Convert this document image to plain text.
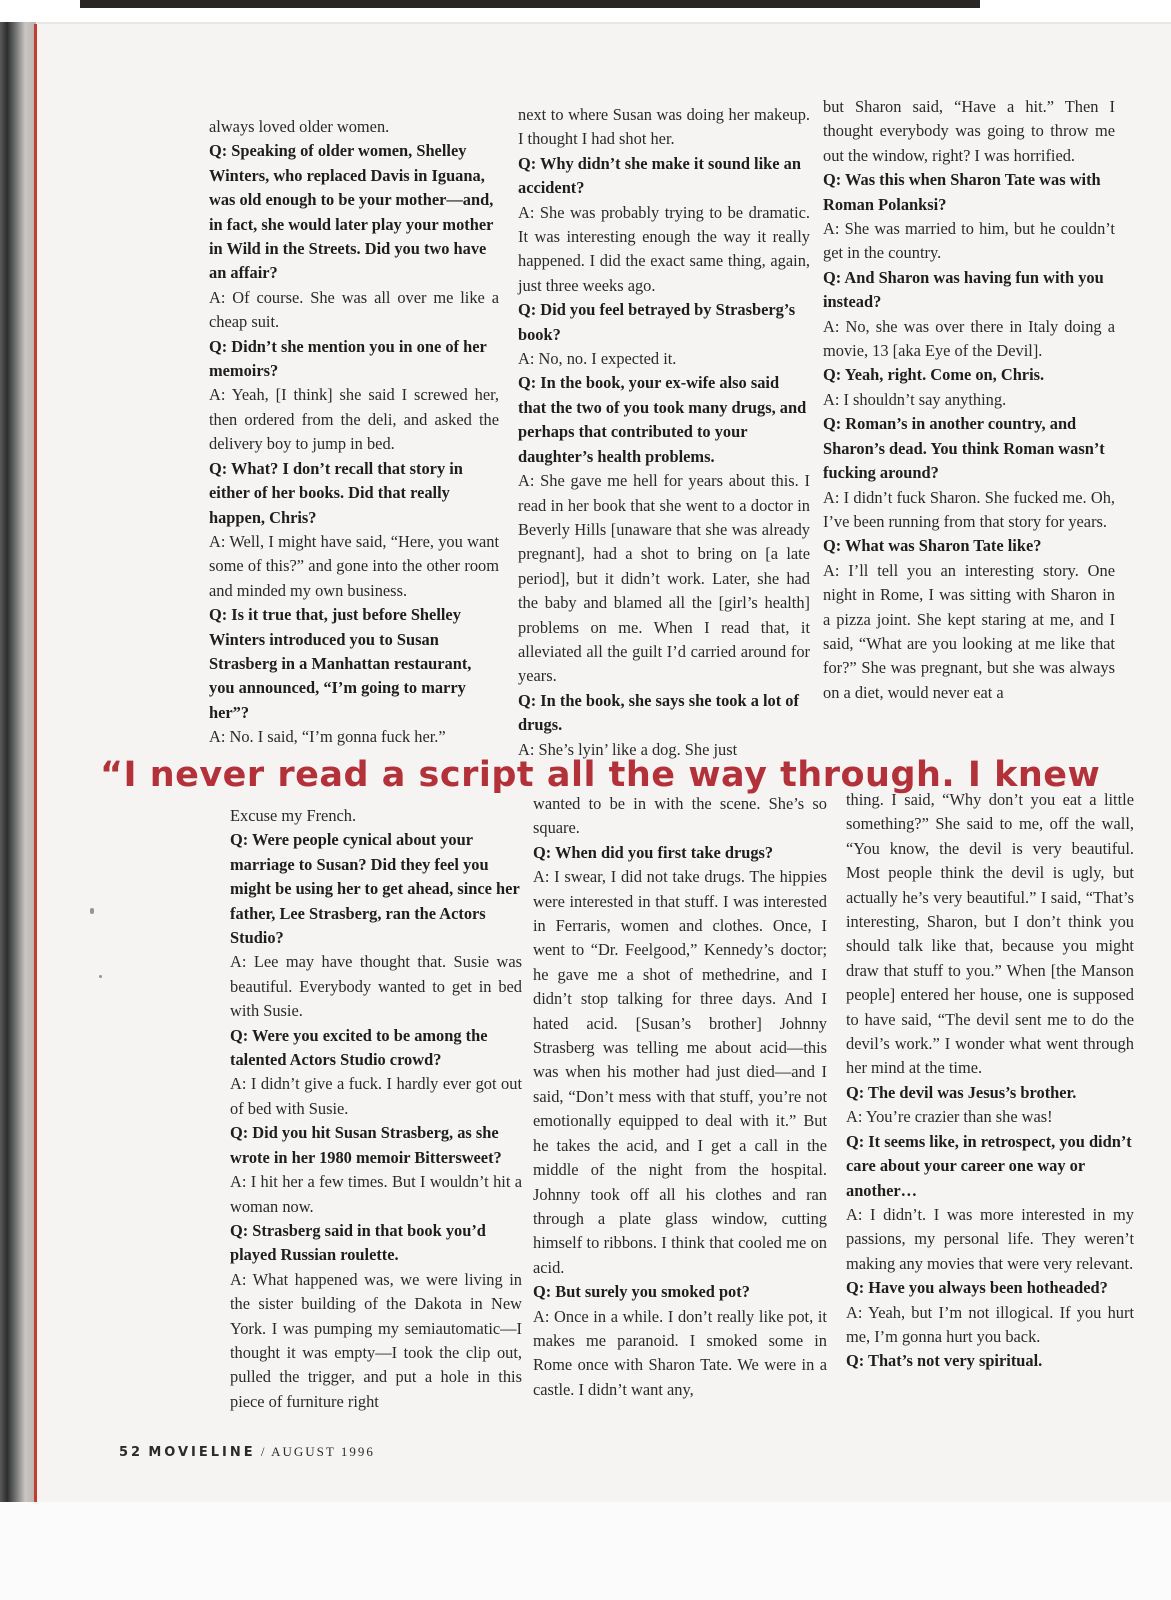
always loved older women.

Q: Speaking of older women, Shelley Winters, who replaced Davis in Iguana, was old enough to be your mother—and, in fact, she would later play your mother in Wild in the Streets. Did you two have an affair?

A: Of course. She was all over me like a cheap suit.

Q: Didn’t she mention you in one of her memoirs?

A: Yeah, [I think] she said I screwed her, then ordered from the deli, and asked the delivery boy to jump in bed.

Q: What? I don’t recall that story in either of her books. Did that really happen, Chris?

A: Well, I might have said, “Here, you want some of this?” and gone into the other room and minded my own business.

Q: Is it true that, just before Shelley Winters introduced you to Susan Strasberg in a Manhattan restaurant, you announced, “I’m going to marry her”?

A: No. I said, “I’m gonna fuck her.”

next to where Susan was doing her makeup. I thought I had shot her.

Q: Why didn’t she make it sound like an accident?

A: She was probably trying to be dramatic. It was interesting enough the way it really happened. I did the exact same thing, again, just three weeks ago.

Q: Did you feel betrayed by Strasberg’s book?

A: No, no. I expected it.

Q: In the book, your ex-wife also said that the two of you took many drugs, and perhaps that contributed to your daughter’s health problems.

A: She gave me hell for years about this. I read in her book that she went to a doctor in Beverly Hills [unaware that she was already pregnant], had a shot to bring on [a late period], but it didn’t work. Later, she had the baby and blamed all the [girl’s health] problems on me. When I read that, it alleviated all the guilt I’d carried around for years.

Q: In the book, she says she took a lot of drugs.

A: She’s lyin’ like a dog. She just

but Sharon said, “Have a hit.” Then I thought everybody was going to throw me out the window, right? I was horrified.

Q: Was this when Sharon Tate was with Roman Polanksi?

A: She was married to him, but he couldn’t get in the country.

Q: And Sharon was having fun with you instead?

A: No, she was over there in Italy doing a movie, 13 [aka Eye of the Devil].

Q: Yeah, right. Come on, Chris.

A: I shouldn’t say anything.

Q: Roman’s in another country, and Sharon’s dead. You think Roman wasn’t fucking around?

A: I didn’t fuck Sharon. She fucked me. Oh, I’ve been running from that story for years.

Q: What was Sharon Tate like?

A: I’ll tell you an interesting story. One night in Rome, I was sitting with Sharon in a pizza joint. She kept staring at me, and I said, “What are you looking at me like that for?” She was pregnant, but she was always on a diet, would never eat a

“I never read a script all the way through. I knew

Excuse my French.

Q: Were people cynical about your marriage to Susan? Did they feel you might be using her to get ahead, since her father, Lee Strasberg, ran the Actors Studio?

A: Lee may have thought that. Susie was beautiful. Everybody wanted to get in bed with Susie.

Q: Were you excited to be among the talented Actors Studio crowd?

A: I didn’t give a fuck. I hardly ever got out of bed with Susie.

Q: Did you hit Susan Strasberg, as she wrote in her 1980 memoir Bittersweet?

A: I hit her a few times. But I wouldn’t hit a woman now.

Q: Strasberg said in that book you’d played Russian roulette.

A: What happened was, we were living in the sister building of the Dakota in New York. I was pumping my semiautomatic—I thought it was empty—I took the clip out, pulled the trigger, and put a hole in this piece of furniture right

wanted to be in with the scene. She’s so square.

Q: When did you first take drugs?

A: I swear, I did not take drugs. The hippies were interested in that stuff. I was interested in Ferraris, women and clothes. Once, I went to “Dr. Feelgood,” Kennedy’s doctor; he gave me a shot of methedrine, and I didn’t stop talking for three days. And I hated acid. [Susan’s brother] Johnny Strasberg was telling me about acid—this was when his mother had just died—and I said, “Don’t mess with that stuff, you’re not emotionally equipped to deal with it.” But he takes the acid, and I get a call in the middle of the night from the hospital. Johnny took off all his clothes and ran through a plate glass window, cutting himself to ribbons. I think that cooled me on acid.

Q: But surely you smoked pot?

A: Once in a while. I don’t really like pot, it makes me paranoid. I smoked some in Rome once with Sharon Tate. We were in a castle. I didn’t want any,

thing. I said, “Why don’t you eat a little something?” She said to me, off the wall, “You know, the devil is very beautiful. Most people think the devil is ugly, but actually he’s very beautiful.” I said, “That’s interesting, Sharon, but I don’t think you should talk like that, because you might draw that stuff to you.” When [the Manson people] entered her house, one is supposed to have said, “The devil sent me to do the devil’s work.” I wonder what went through her mind at the time.

Q: The devil was Jesus’s brother.

A: You’re crazier than she was!

Q: It seems like, in retrospect, you didn’t care about your career one way or another…

A: I didn’t. I was more interested in my passions, my personal life. They weren’t making any movies that were very relevant.

Q: Have you always been hotheaded?

A: Yeah, but I’m not illogical. If you hurt me, I’m gonna hurt you back.

Q: That’s not very spiritual.

52 MOVIELINE / AUGUST 1996
